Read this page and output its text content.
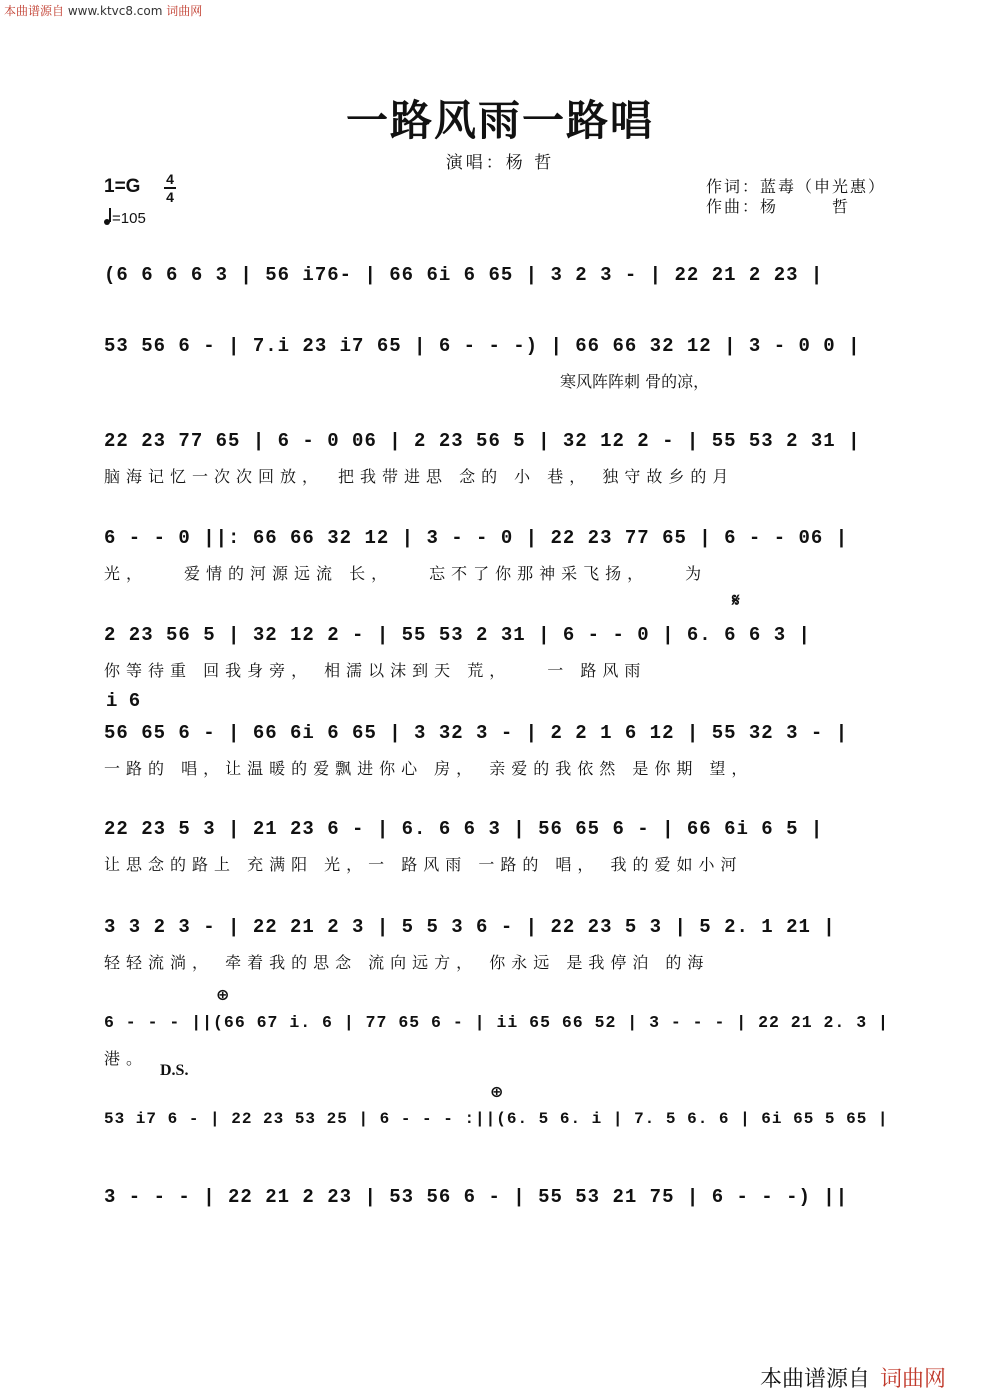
本曲谱源自 www.ktvc8.com 词曲网
一路风雨一路唱
演唱：杨 哲
作词：蓝毒（申光惠）
作曲：杨　　　哲
1=G 4
4
=105
(6 6 6 6 3 | 56 i76- | 66 6i 6 65 | 3 2 3 - | 22 21 2 23 |
53 56 6 - | 7.i 23 i7 65 | 6 - - -) | 66 66 32 12 | 3 - 0 0 |
寒风阵阵刺 骨的凉，
22 23 77 65 | 6 - 0 06 | 2 23 56 5 | 32 12 2 - | 55 53 2 31 |
脑海记忆一次次回放，　把我带进思 念的 小 巷， 独守故乡的月
6 - - 0 ||: 66 66 32 12 | 3 - - 0 | 22 23 77 65 | 6 - - 06 |
光，　　爱情的河源远流 长，　　忘不了你那神采飞扬，　　为
2 23 56 5 | 32 12 2 - | 55 53 2 31 | 6 - - 0 | 6. 6 6 3 |
你等待重 回我身旁， 相濡以沫到天 荒，　　一 路风雨
56 65 6 - | 66 6i 6 65 | 3 32 3 - | 2 2 1 6 12 | 55 32 3 - |
一路的 唱，让温暖的爱飘进你心 房， 亲爱的我依然 是你期 望，
22 23 5 3 | 21 23 6 - | 6. 6 6 3 | 56 65 6 - | 66 6i 6 5 |
让思念的路上 充满阳 光，一 路风雨 一路的 唱， 我的爱如小河
3 3 2 3 - | 22 21 2 3 | 5 5 3 6 - | 22 23 5 3 | 5 2. 1 21 |
轻轻流淌， 牵着我的思念 流向远方， 你永远 是我停泊 的海
6 - - - ||(66 67 i. 6 | 77 65 6 - | ii 65 66 52 | 3 - - - | 22 21 2. 3 |
港。
53 i7 6 - | 22 23 53 25 | 6 - - - :||(6. 5 6. i | 7. 5 6. 6 | 6i 65 5 65 |
3 - - - | 22 21 2 23 | 53 56 6 - | 55 53 21 75 | 6 - - -) ||
𝄋
⊕
⊕
i 6
D.S.
本曲谱源自 词曲网
